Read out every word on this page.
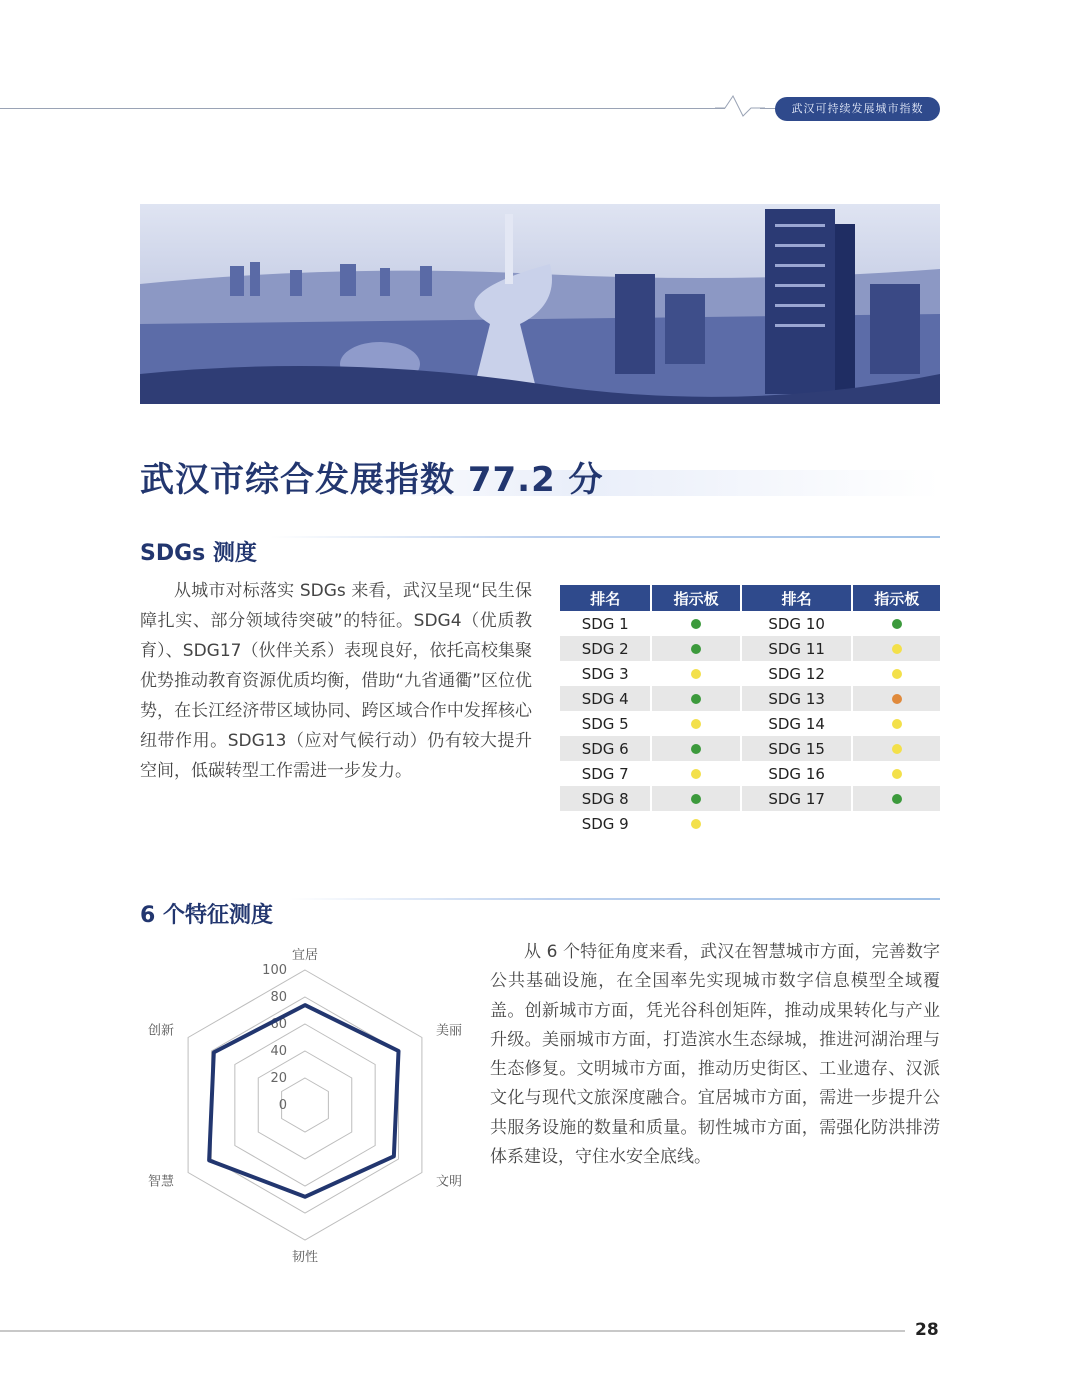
武汉可持续发展城市指数
武汉市综合发展指数 77.2 分
SDGs 测度
从城市对标落实 SDGs 来看，武汉呈现“民生保障扎实、部分领域待突破”的特征。SDG4（优质教育）、SDG17（伙伴关系）表现良好，依托高校集聚优势推动教育资源优质均衡，借助“九省通衢”区位优势，在长江经济带区域协同、跨区域合作中发挥核心纽带作用。SDG13（应对气候行动）仍有较大提升空间，低碳转型工作需进一步发力。
排名	指示板	排名	指示板
SDG 1		SDG 10	
SDG 2		SDG 11	
SDG 3		SDG 12	
SDG 4		SDG 13	
SDG 5		SDG 14	
SDG 6		SDG 15	
SDG 7		SDG 16	
SDG 8		SDG 17	
SDG 9			
6 个特征测度
从 6 个特征角度来看，武汉在智慧城市方面，完善数字公共基础设施，在全国率先实现城市数字信息模型全域覆盖。创新城市方面，凭光谷科创矩阵，推动成果转化与产业升级。美丽城市方面，打造滨水生态绿城，推进河湖治理与生态修复。文明城市方面，推动历史街区、工业遗存、汉派文化与现代文旅深度融合。宜居城市方面，需进一步提升公共服务设施的数量和质量。韧性城市方面，需强化防洪排涝体系建设，守住水安全底线。
0
20
40
60
80
100
宜居
美丽
文明
韧性
智慧
创新
28
